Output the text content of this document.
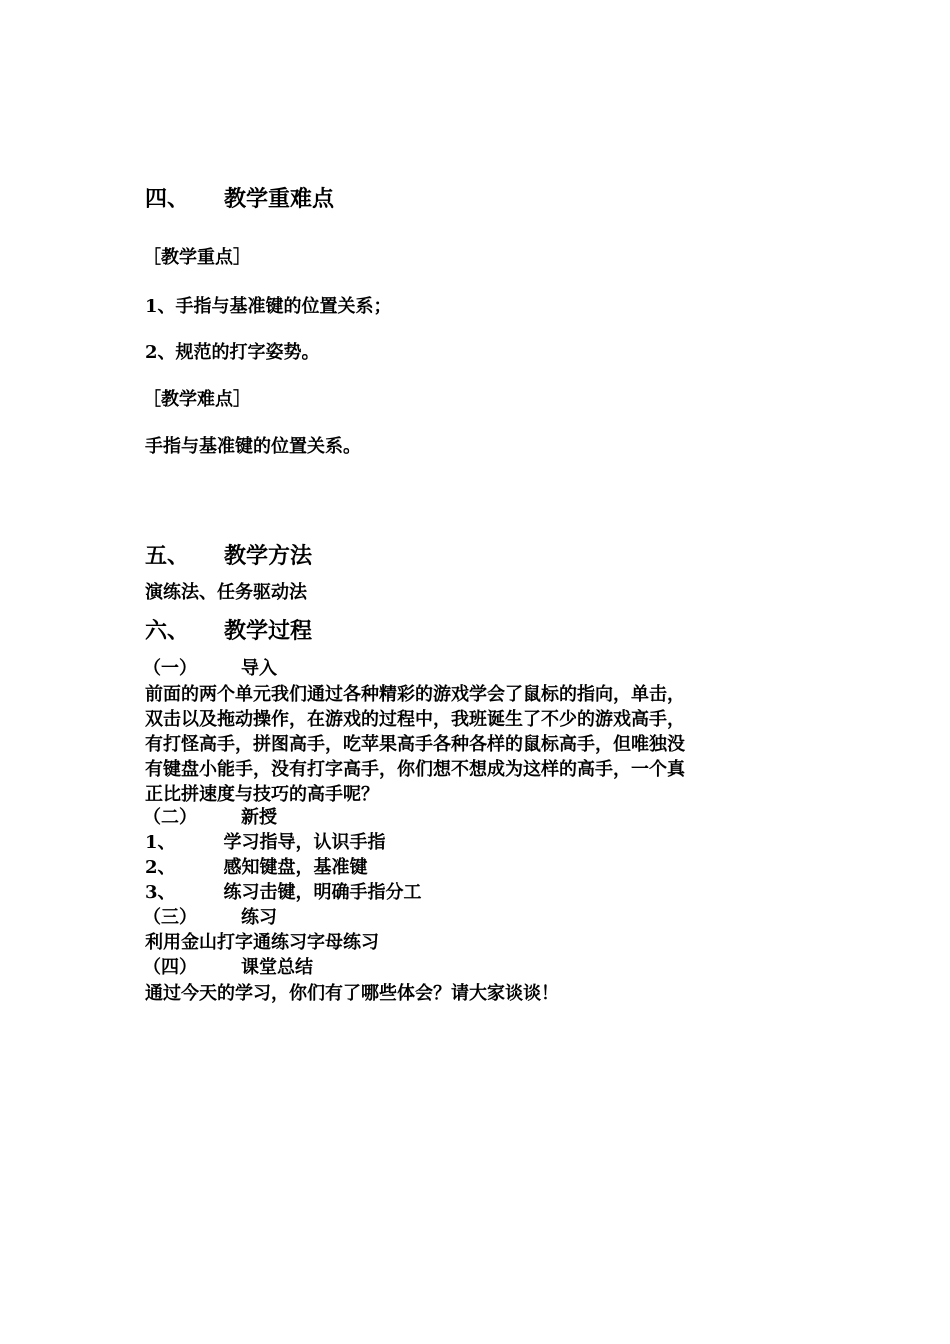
四、 教学重难点
［教学重点］
1、手指与基准键的位置关系；
2、规范的打字姿势。
［教学难点］
手指与基准键的位置关系。
五、 教学方法
演练法、任务驱动法
六、 教学过程
（一） 导入
前面的两个单元我们通过各种精彩的游戏学会了鼠标的指向，单击，
双击以及拖动操作，在游戏的过程中，我班诞生了不少的游戏高手，
有打怪高手，拼图高手，吃苹果高手各种各样的鼠标高手，但唯独没
有键盘小能手，没有打字高手，你们想不想成为这样的高手，一个真
正比拼速度与技巧的高手呢？
（二） 新授
1、	学习指导，认识手指
2、	感知键盘，基准键
3、	练习击键，明确手指分工
（三） 练习
利用金山打字通练习字母练习
（四） 课堂总结
通过今天的学习，你们有了哪些体会？请大家谈谈！
